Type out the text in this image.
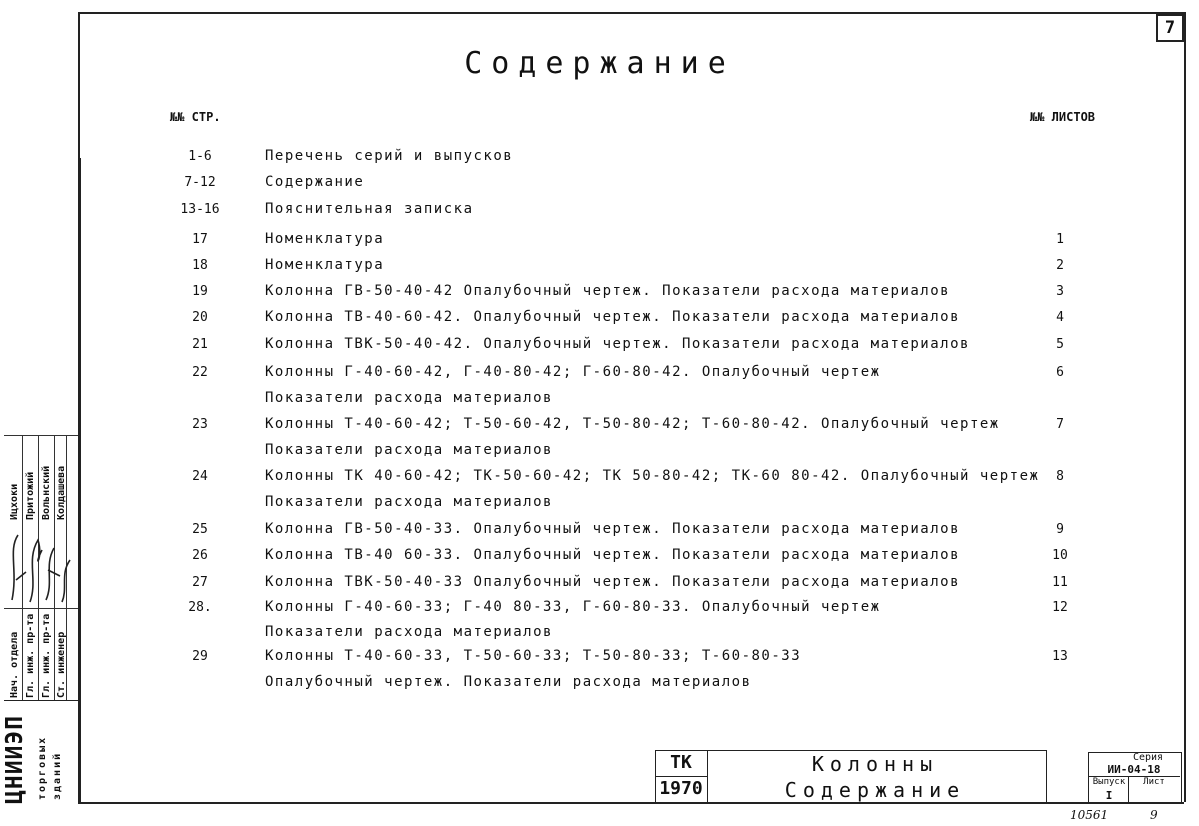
7
Содержание
№№ СТР.	№№ ЛИСТОВ
1-6	Перечень серий и выпусков
7-12	Содержание
13-16	Пояснительная записка
17	Номенклатура	1
18	Номенклатура	2
19	Колонна ГВ-50-40-42 Опалубочный чертеж. Показатели расхода материалов	3
20	Колонна ТВ-40-60-42. Опалубочный чертеж. Показатели расхода материалов	4
21	Колонна ТВК-50-40-42. Опалубочный чертеж. Показатели расхода материалов	5
22	Колонны Г-40-60-42, Г-40-80-42; Г-60-80-42. Опалубочный чертеж	6
Показатели расхода материалов
23	Колонны Т-40-60-42; Т-50-60-42, Т-50-80-42; Т-60-80-42. Опалубочный чертеж	7
Показатели расхода материалов
24	Колонны ТК 40-60-42; ТК-50-60-42; ТК 50-80-42; ТК-60 80-42. Опалубочный чертеж	8
Показатели расхода материалов
25	Колонна ГВ-50-40-33. Опалубочный чертеж. Показатели расхода материалов	9
26	Колонна ТВ-40 60-33. Опалубочный чертеж. Показатели расхода материалов	10
27	Колонна ТВК-50-40-33 Опалубочный чертеж. Показатели расхода материалов	11
28.	Колонны Г-40-60-33; Г-40 80-33, Г-60-80-33. Опалубочный чертеж	12
Показатели расхода материалов
29	Колонны Т-40-60-33, Т-50-60-33; Т-50-80-33; Т-60-80-33	13
Опалубочный чертеж. Показатели расхода материалов
Нач. отдела Гл. инж. пр-та Гл. инж. пр-та Ст. инженер
Ицхоки Притожий Вольнский Колдашева
ЦНИИЭП торговых зданий	ТК
1970
Колонны
Содержание
Серия
ИИ-04-18
Выпуск	Лист
I
10561	9
